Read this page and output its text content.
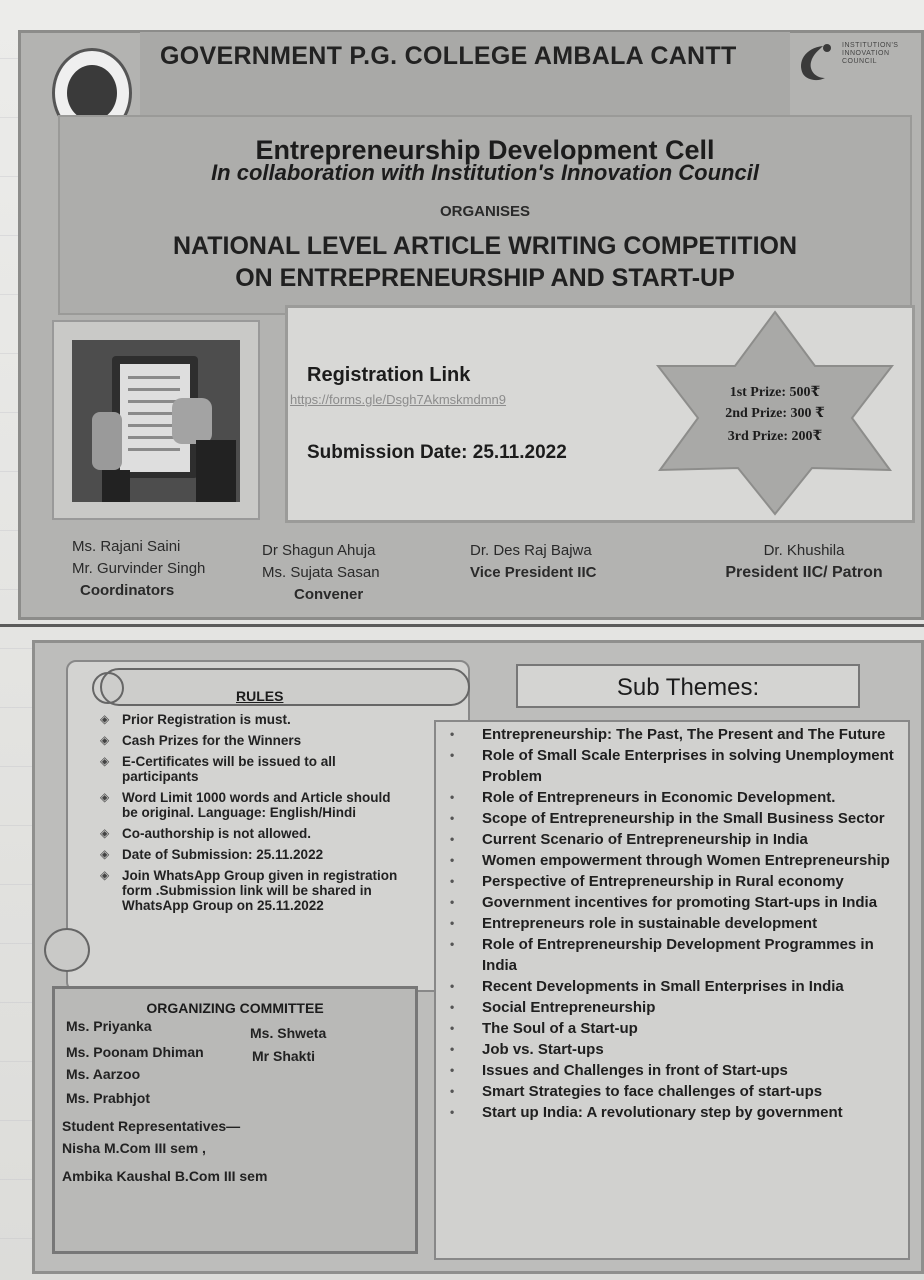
GOVERNMENT P.G. COLLEGE AMBALA CANTT	INSTITUTION'S INNOVATION COUNCIL
Entrepreneurship Development Cell
In collaboration with Institution's Innovation Council
ORGANISES
NATIONAL LEVEL ARTICLE WRITING COMPETITION
ON ENTREPRENEURSHIP AND START-UP
Registration Link
https://forms.gle/Dsgh7Akmskmdmn9
Submission Date: 25.11.2022
1st Prize: 500₹
2nd Prize: 300 ₹
3rd Prize: 200₹
Ms. Rajani Saini
Mr. Gurvinder Singh
Coordinators
Dr Shagun Ahuja
Ms. Sujata Sasan
Convener
Dr. Des Raj Bajwa
Vice President IIC
Dr. Khushila
President IIC/ Patron
RULES
◈ Prior Registration is must.
◈ Cash Prizes for the Winners
◈ E-Certificates will be issued to all participants
◈ Word Limit 1000 words and Article should be original. Language: English/Hindi
◈ Co-authorship is not allowed.
◈ Date of Submission: 25.11.2022
◈ Join WhatsApp Group given in registration form .Submission link will be shared in WhatsApp Group on 25.11.2022
Sub Themes:
• Entrepreneurship: The Past, The Present and The Future
• Role of Small Scale Enterprises in solving Unemployment Problem
• Role of Entrepreneurs in Economic Development.
• Scope of Entrepreneurship in the Small Business Sector
• Current Scenario of Entrepreneurship in India
• Women empowerment through Women Entrepreneurship
• Perspective of Entrepreneurship in Rural economy
• Government incentives for promoting Start-ups in India
• Entrepreneurs role in sustainable development
• Role of Entrepreneurship Development Programmes in India
• Recent Developments in Small Enterprises in India
• Social Entrepreneurship
• The Soul of a Start-up
• Job vs. Start-ups
• Issues and Challenges in front of Start-ups
• Smart Strategies to face challenges of start-ups
• Start up India: A revolutionary step by government
ORGANIZING COMMITTEE
Ms. Priyanka	Ms. Shweta
Ms. Poonam Dhiman	Mr Shakti
Ms. Aarzoo
Ms. Prabhjot
Student Representatives—
Nisha M.Com III sem ,
Ambika Kaushal B.Com III sem
